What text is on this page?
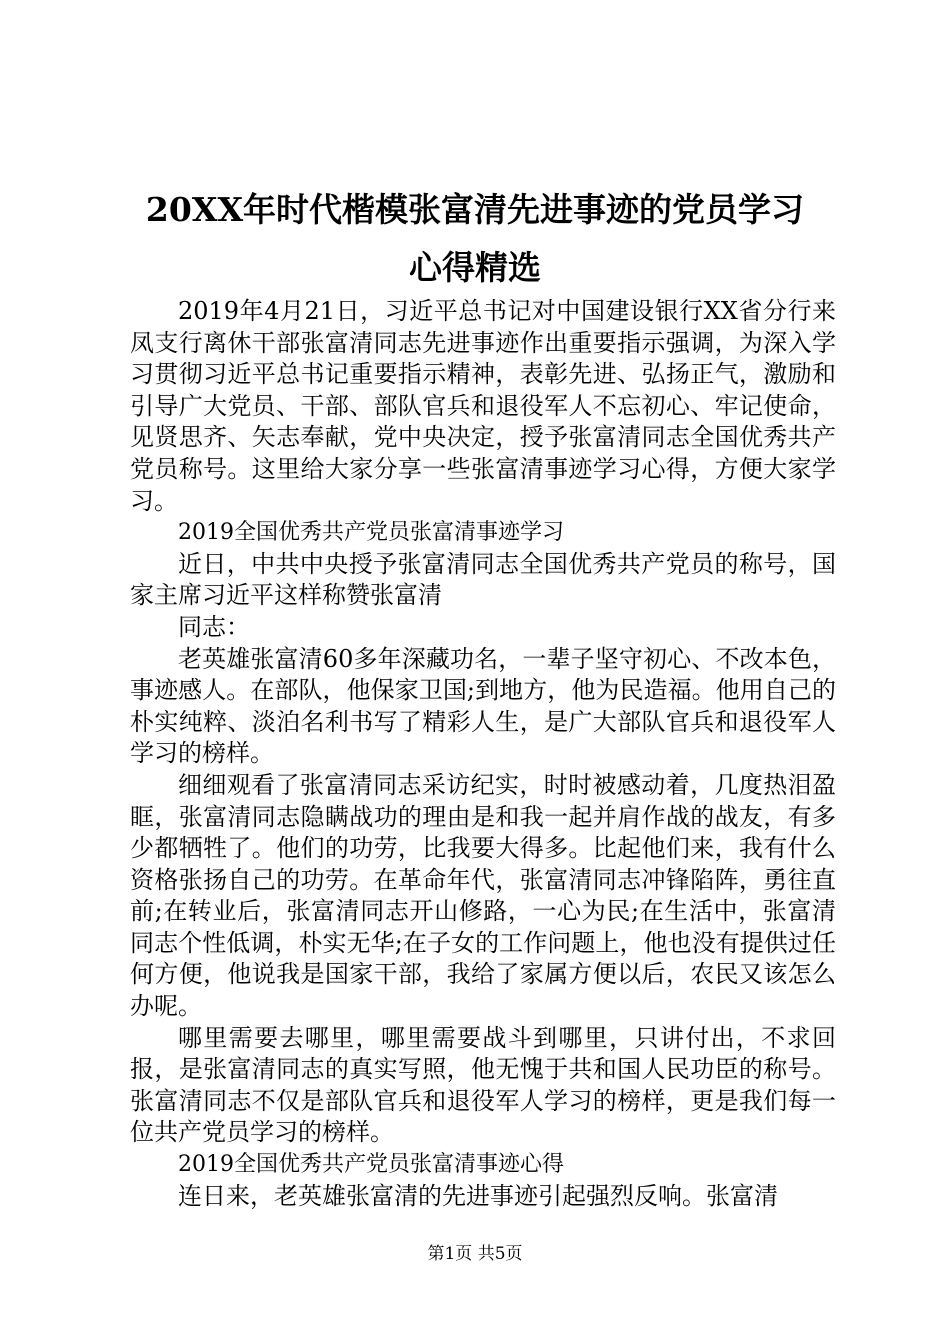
20XX年时代楷模张富清先进事迹的党员学习
心得精选

2019年4月21日，习近平总书记对中国建设银行XX省分行来凤支行离休干部张富清同志先进事迹作出重要指示强调，为深入学习贯彻习近平总书记重要指示精神，表彰先进、弘扬正气，激励和引导广大党员、干部、部队官兵和退役军人不忘初心、牢记使命，见贤思齐、矢志奉献，党中央决定，授予张富清同志全国优秀共产党员称号。这里给大家分享一些张富清事迹学习心得，方便大家学习。

2019全国优秀共产党员张富清事迹学习

近日，中共中央授予张富清同志全国优秀共产党员的称号，国家主席习近平这样称赞张富清

同志：

老英雄张富清60多年深藏功名，一辈子坚守初心、不改本色，事迹感人。在部队，他保家卫国;到地方，他为民造福。他用自己的朴实纯粹、淡泊名利书写了精彩人生，是广大部队官兵和退役军人学习的榜样。

细细观看了张富清同志采访纪实，时时被感动着，几度热泪盈眶，张富清同志隐瞒战功的理由是和我一起并肩作战的战友，有多少都牺牲了。他们的功劳，比我要大得多。比起他们来，我有什么资格张扬自己的功劳。在革命年代，张富清同志冲锋陷阵，勇往直前;在转业后，张富清同志开山修路，一心为民;在生活中，张富清同志个性低调，朴实无华;在子女的工作问题上，他也没有提供过任何方便，他说我是国家干部，我给了家属方便以后，农民又该怎么办呢。

哪里需要去哪里，哪里需要战斗到哪里，只讲付出，不求回报，是张富清同志的真实写照，他无愧于共和国人民功臣的称号。张富清同志不仅是部队官兵和退役军人学习的榜样，更是我们每一位共产党员学习的榜样。

2019全国优秀共产党员张富清事迹心得

连日来，老英雄张富清的先进事迹引起强烈反响。张富清

第1页 共5页
